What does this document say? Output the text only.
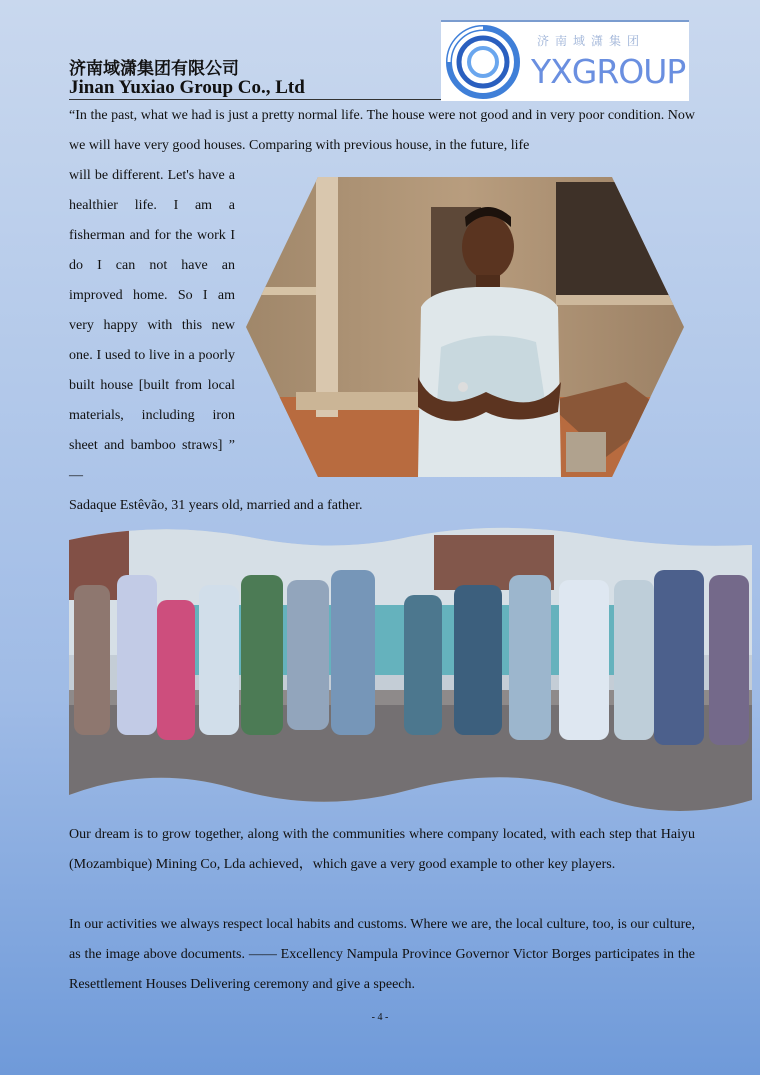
济南域潇集团有限公司
Jinan Yuxiao Group Co., Ltd
济南域潇集团
YXGROUP

“In the past, what we had is just a pretty normal life. The house were not good and in very poor condition. Now we will have very good houses. Comparing with previous house, in the future, life

will be different. Let's have a healthier life. I am a fisherman and for the work I do I can not have an improved home. So I am very happy with this new one. I used to live in a poorly built house [built from local materials, including iron sheet and bamboo straws] ” —

Sadaque Estêvão, 31 years old, married and a father.

Our dream is to grow together, along with the communities where company located, with each step that Haiyu (Mozambique) Mining Co, Lda achieved，which gave a very good example to other key players.

In our activities we always respect local habits and customs. Where we are, the local culture, too, is our culture, as the image above documents. —— Excellency Nampula Province Governor Victor Borges participates in the Resettlement Houses Delivering ceremony and give a speech.

- 4 -
